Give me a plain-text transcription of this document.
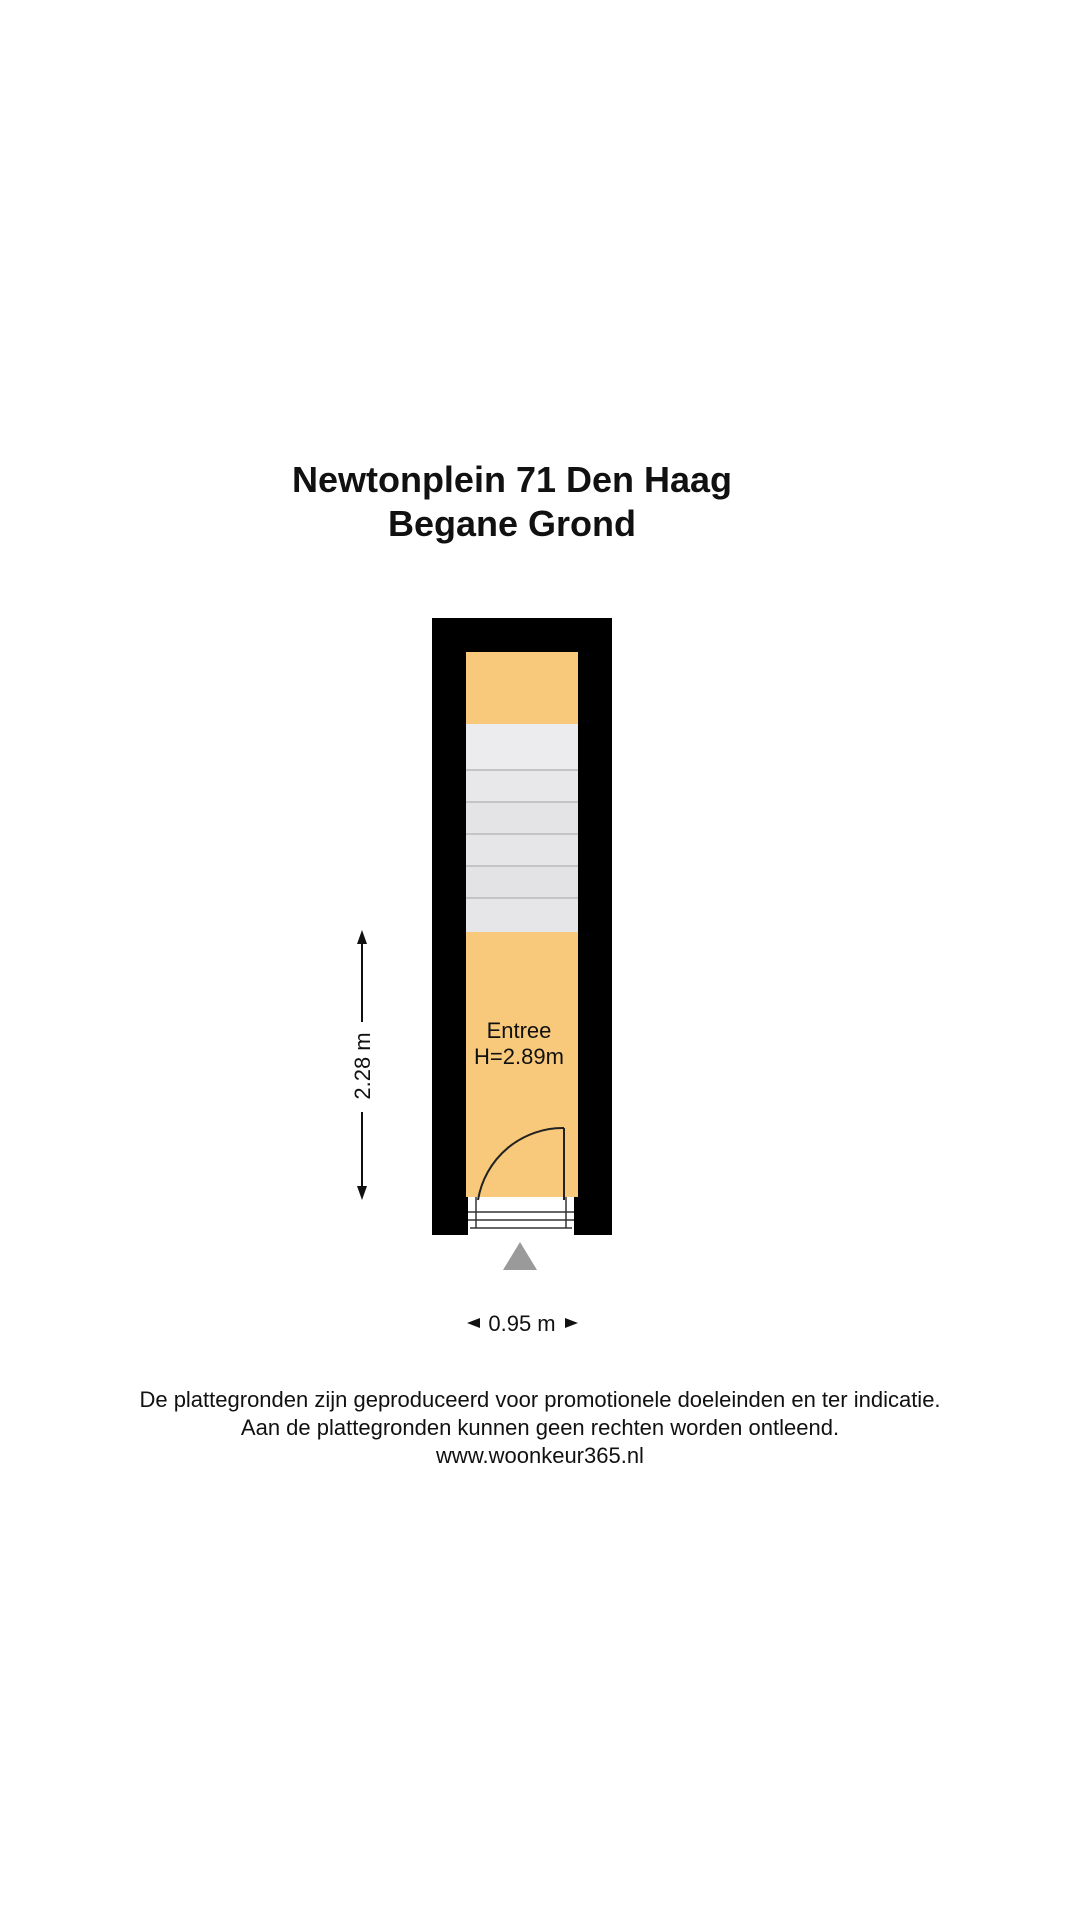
Newtonplein 71 Den Haag
Begane Grond
Entree
H=2.89m
2.28 m
0.95 m
De plattegronden zijn geproduceerd voor promotionele doeleinden en ter indicatie.
Aan de plattegronden kunnen geen rechten worden ontleend.
www.woonkeur365.nl
